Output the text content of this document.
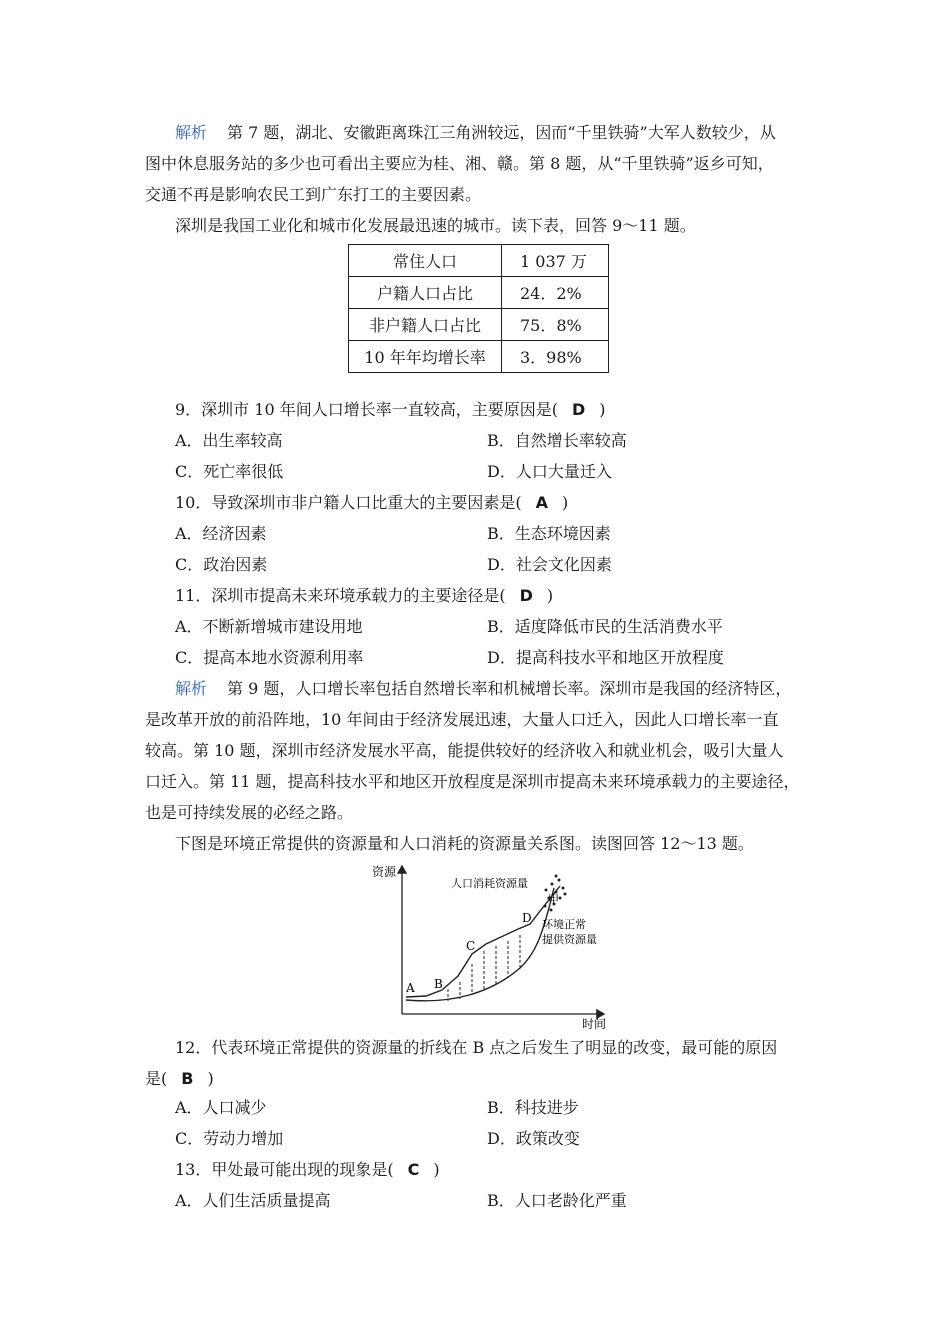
解析 第 7 题，湖北、安徽距离珠江三角洲较远，因而“千里铁骑”大军人数较少，从
图中休息服务站的多少也可看出主要应为桂、湘、赣。第 8 题，从“千里铁骑”返乡可知，
交通不再是影响农民工到广东打工的主要因素。
深圳是我国工业化和城市化发展最迅速的城市。读下表，回答 9～11 题。
常住人口	1 037 万
户籍人口占比	24．2%
非户籍人口占比	75．8%
10 年年均增长率	3．98%
9．深圳市 10 年间人口增长率一直较高，主要原因是( D )
A．出生率较高	B．自然增长率较高
C．死亡率很低	D．人口大量迁入
10．导致深圳市非户籍人口比重大的主要因素是( A )
A．经济因素	B．生态环境因素
C．政治因素	D．社会文化因素
11．深圳市提高未来环境承载力的主要途径是( D )
A．不断新增城市建设用地	B．适度降低市民的生活消费水平
C．提高本地水资源利用率	D．提高科技水平和地区开放程度
解析 第 9 题，人口增长率包括自然增长率和机械增长率。深圳市是我国的经济特区，
是改革开放的前沿阵地，10 年间由于经济发展迅速，大量人口迁入，因此人口增长率一直
较高。第 10 题，深圳市经济发展水平高，能提供较好的经济收入和就业机会，吸引大量人
口迁入。第 11 题，提高科技水平和地区开放程度是深圳市提高未来环境承载力的主要途径，
也是可持续发展的必经之路。
下图是环境正常提供的资源量和人口消耗的资源量关系图。读图回答 12～13 题。
资源
时间
甲
A B
C
D
人口消耗资源量
环境正常
提供资源量
12．代表环境正常提供的资源量的折线在 B 点之后发生了明显的改变，最可能的原因
是( B )
A．人口减少	B．科技进步
C．劳动力增加	D．政策改变
13．甲处最可能出现的现象是( C )
A．人们生活质量提高	B．人口老龄化严重
